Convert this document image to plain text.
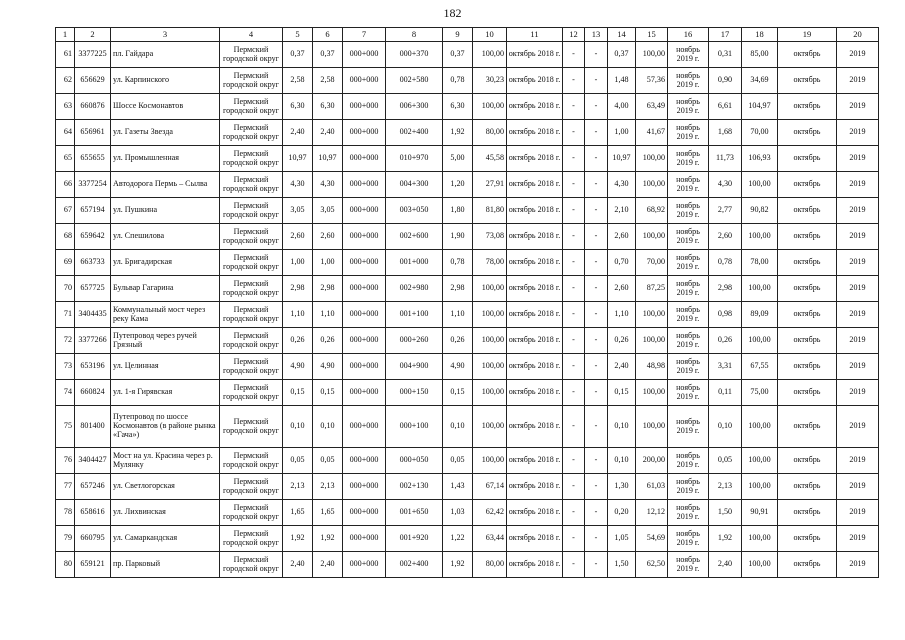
182
1	2	3	4	5	6	7	8	9	10	11	12	13	14	15	16	17	18	19	20
61	3377225	пл. Гайдара	Пермский городской округ	0,37	0,37	000+000	000+370	0,37	100,00	октябрь 2018 г.	-	-	0,37	100,00	ноябрь 2019 г.	0,31	85,00	октябрь	2019
62	656629	ул. Карпинского	Пермский городской округ	2,58	2,58	000+000	002+580	0,78	30,23	октябрь 2018 г.	-	-	1,48	57,36	ноябрь 2019 г.	0,90	34,69	октябрь	2019
63	660876	Шоссе Космонавтов	Пермский городской округ	6,30	6,30	000+000	006+300	6,30	100,00	октябрь 2018 г.	-	-	4,00	63,49	ноябрь 2019 г.	6,61	104,97	октябрь	2019
64	656961	ул. Газеты Звезда	Пермский городской округ	2,40	2,40	000+000	002+400	1,92	80,00	октябрь 2018 г.	-	-	1,00	41,67	ноябрь 2019 г.	1,68	70,00	октябрь	2019
65	655655	ул. Промышленная	Пермский городской округ	10,97	10,97	000+000	010+970	5,00	45,58	октябрь 2018 г.	-	-	10,97	100,00	ноябрь 2019 г.	11,73	106,93	октябрь	2019
66	3377254	Автодорога Пермь – Сылва	Пермский городской округ	4,30	4,30	000+000	004+300	1,20	27,91	октябрь 2018 г.	-	-	4,30	100,00	ноябрь 2019 г.	4,30	100,00	октябрь	2019
67	657194	ул. Пушкина	Пермский городской округ	3,05	3,05	000+000	003+050	1,80	81,80	октябрь 2018 г.	-	-	2,10	68,92	ноябрь 2019 г.	2,77	90,82	октябрь	2019
68	659642	ул. Спешилова	Пермский городской округ	2,60	2,60	000+000	002+600	1,90	73,08	октябрь 2018 г.	-	-	2,60	100,00	ноябрь 2019 г.	2,60	100,00	октябрь	2019
69	663733	ул. Бригадирская	Пермский городской округ	1,00	1,00	000+000	001+000	0,78	78,00	октябрь 2018 г.	-	-	0,70	70,00	ноябрь 2019 г.	0,78	78,00	октябрь	2019
70	657725	Бульвар Гагарина	Пермский городской округ	2,98	2,98	000+000	002+980	2,98	100,00	октябрь 2018 г.	-	-	2,60	87,25	ноябрь 2019 г.	2,98	100,00	октябрь	2019
71	3404435	Коммунальный мост через реку Кама	Пермский городской округ	1,10	1,10	000+000	001+100	1,10	100,00	октябрь 2018 г.	-	-	1,10	100,00	ноябрь 2019 г.	0,98	89,09	октябрь	2019
72	3377266	Путепровод через ручей Грязный	Пермский городской округ	0,26	0,26	000+000	000+260	0,26	100,00	октябрь 2018 г.	-	-	0,26	100,00	ноябрь 2019 г.	0,26	100,00	октябрь	2019
73	653196	ул. Целинная	Пермский городской округ	4,90	4,90	000+000	004+900	4,90	100,00	октябрь 2018 г.	-	-	2,40	48,98	ноябрь 2019 г.	3,31	67,55	октябрь	2019
74	660824	ул. 1-я Гирявская	Пермский городской округ	0,15	0,15	000+000	000+150	0,15	100,00	октябрь 2018 г.	-	-	0,15	100,00	ноябрь 2019 г.	0,11	75,00	октябрь	2019
75	801400	Путепровод по шоссе Космонавтов (в районе рынка «Гача»)	Пермский городской округ	0,10	0,10	000+000	000+100	0,10	100,00	октябрь 2018 г.	-	-	0,10	100,00	ноябрь 2019 г.	0,10	100,00	октябрь	2019
76	3404427	Мост на ул. Красина через р. Мулянку	Пермский городской округ	0,05	0,05	000+000	000+050	0,05	100,00	октябрь 2018 г.	-	-	0,10	200,00	ноябрь 2019 г.	0,05	100,00	октябрь	2019
77	657246	ул. Светлогорская	Пермский городской округ	2,13	2,13	000+000	002+130	1,43	67,14	октябрь 2018 г.	-	-	1,30	61,03	ноябрь 2019 г.	2,13	100,00	октябрь	2019
78	658616	ул. Лихвинская	Пермский городской округ	1,65	1,65	000+000	001+650	1,03	62,42	октябрь 2018 г.	-	-	0,20	12,12	ноябрь 2019 г.	1,50	90,91	октябрь	2019
79	660795	ул. Самаркандская	Пермский городской округ	1,92	1,92	000+000	001+920	1,22	63,44	октябрь 2018 г.	-	-	1,05	54,69	ноябрь 2019 г.	1,92	100,00	октябрь	2019
80	659121	пр. Парковый	Пермский городской округ	2,40	2,40	000+000	002+400	1,92	80,00	октябрь 2018 г.	-	-	1,50	62,50	ноябрь 2019 г.	2,40	100,00	октябрь	2019
